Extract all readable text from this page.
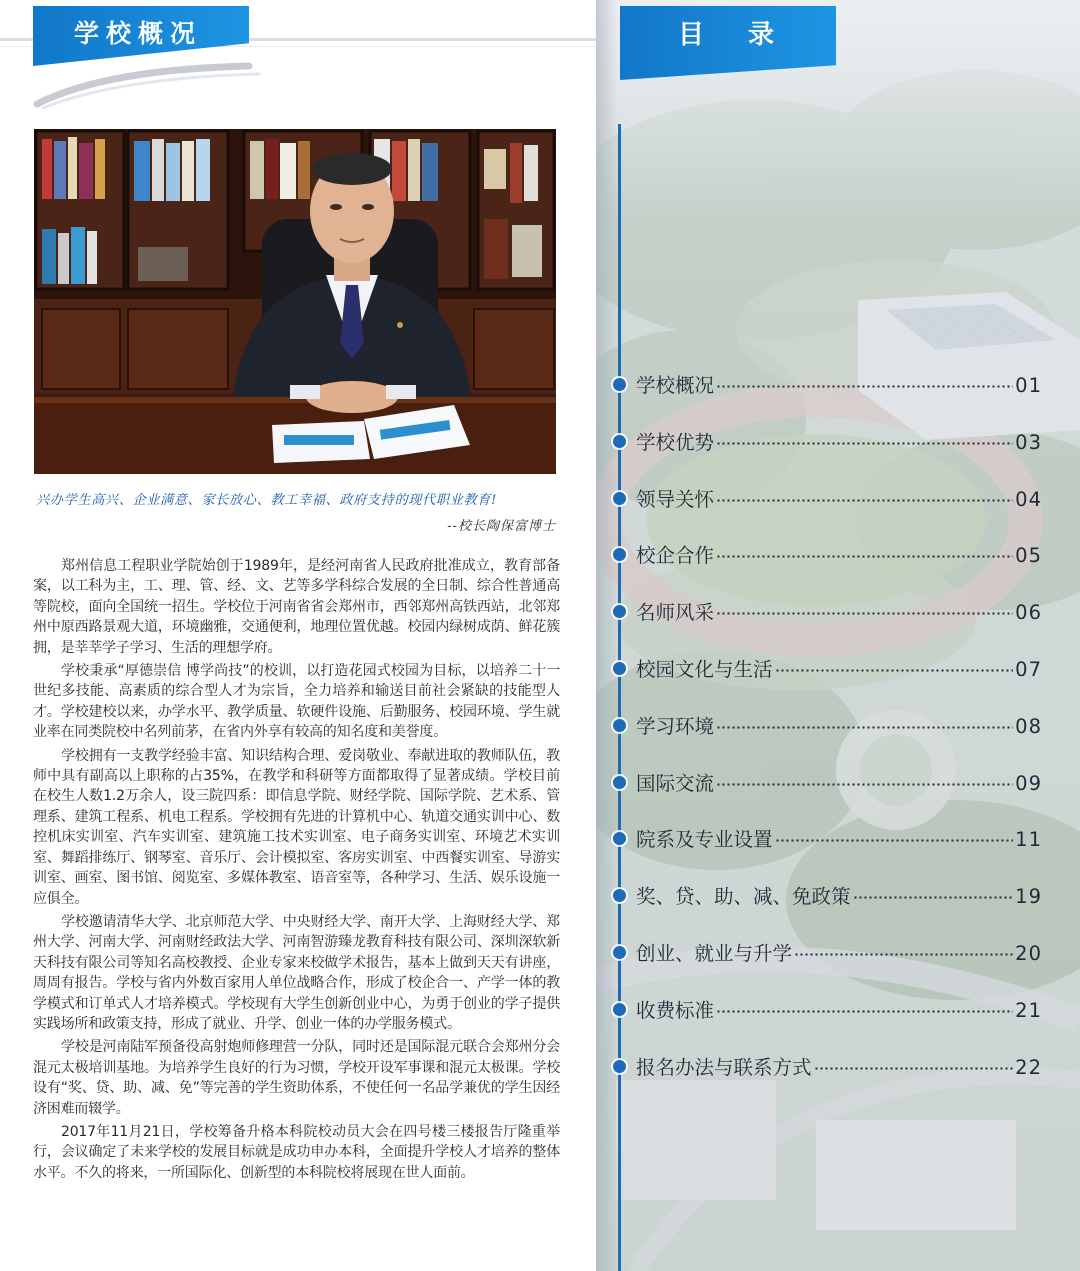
学校概况
兴办学生高兴、企业满意、家长放心、教工幸福、政府支持的现代职业教育!
--校长陶保富博士

郑州信息工程职业学院始创于1989年，是经河南省人民政府批准成立，教育部备案，以工科为主，工、理、管、经、文、艺等多学科综合发展的全日制、综合性普通高等院校，面向全国统一招生。学校位于河南省省会郑州市，西邻郑州高铁西站，北邻郑州中原西路景观大道，环境幽雅，交通便利，地理位置优越。校园内绿树成荫、鲜花簇拥，是莘莘学子学习、生活的理想学府。

学校秉承“厚德崇信 博学尚技”的校训，以打造花园式校园为目标，以培养二十一世纪多技能、高素质的综合型人才为宗旨，全力培养和输送目前社会紧缺的技能型人才。学校建校以来，办学水平、教学质量、软硬件设施、后勤服务、校园环境、学生就业率在同类院校中名列前茅，在省内外享有较高的知名度和美誉度。

学校拥有一支教学经验丰富、知识结构合理、爱岗敬业、奉献进取的教师队伍，教师中具有副高以上职称的占35%，在教学和科研等方面都取得了显著成绩。学校目前在校生人数1.2万余人，设三院四系：即信息学院、财经学院、国际学院、艺术系、管理系、建筑工程系、机电工程系。学校拥有先进的计算机中心、轨道交通实训中心、数控机床实训室、汽车实训室、建筑施工技术实训室、电子商务实训室、环境艺术实训室、舞蹈排练厅、钢琴室、音乐厅、会计模拟室、客房实训室、中西餐实训室、导游实训室、画室、图书馆、阅览室、多媒体教室、语音室等，各种学习、生活、娱乐设施一应俱全。

学校邀请清华大学、北京师范大学、中央财经大学、南开大学、上海财经大学、郑州大学、河南大学、河南财经政法大学、河南智游臻龙教育科技有限公司、深圳深软新天科技有限公司等知名高校教授、企业专家来校做学术报告，基本上做到天天有讲座，周周有报告。学校与省内外数百家用人单位战略合作，形成了校企合一、产学一体的教学模式和订单式人才培养模式。学校现有大学生创新创业中心，为勇于创业的学子提供实践场所和政策支持，形成了就业、升学、创业一体的办学服务模式。

学校是河南陆军预备役高射炮师修理营一分队，同时还是国际混元联合会郑州分会混元太极培训基地。为培养学生良好的行为习惯，学校开设军事课和混元太极课。学校设有“奖、贷、助、减、免”等完善的学生资助体系，不使任何一名品学兼优的学生因经济困难而辍学。

2017年11月21日，学校筹备升格本科院校动员大会在四号楼三楼报告厅隆重举行，会议确定了未来学校的发展目标就是成功申办本科，全面提升学校人才培养的整体水平。不久的将来，一所国际化、创新型的本科院校将展现在世人面前。

目录
学校概况	01
学校优势	03
领导关怀	04
校企合作	05
名师风采	06
校园文化与生活	07
学习环境	08
国际交流	09
院系及专业设置	11
奖、贷、助、减、免政策	19
创业、就业与升学	20
收费标准	21
报名办法与联系方式	22
